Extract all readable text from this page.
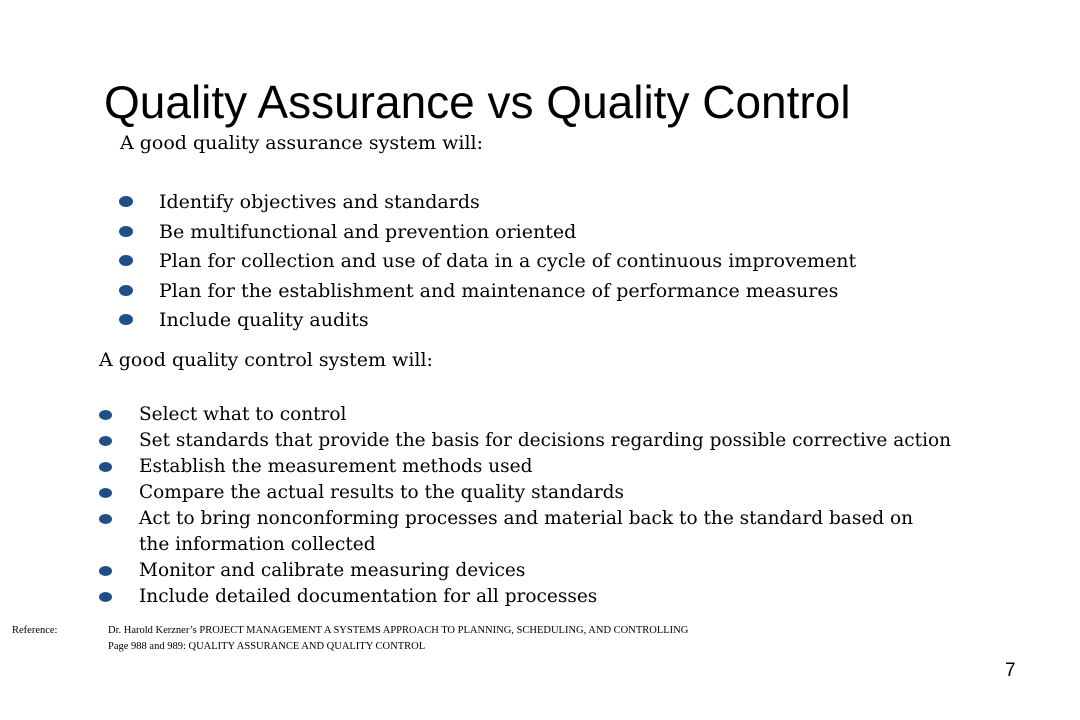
Quality Assurance vs Quality Control

A good quality assurance system will:

Identify objectives and standards
Be multifunctional and prevention oriented
Plan for collection and use of data in a cycle of continuous improvement
Plan for the establishment and maintenance of performance measures
Include quality audits

A good quality control system will:

Select what to control
Set standards that provide the basis for decisions regarding possible corrective action
Establish the measurement methods used
Compare the actual results to the quality standards
Act to bring nonconforming processes and material back to the standard based on
the information collected
Monitor and calibrate measuring devices
Include detailed documentation for all processes

Reference:	Dr. Harold Kerzner’s PROJECT MANAGEMENT A SYSTEMS APPROACH TO PLANNING, SCHEDULING, AND CONTROLLING

Page 988 and 989: QUALITY ASSURANCE AND QUALITY CONTROL

7
